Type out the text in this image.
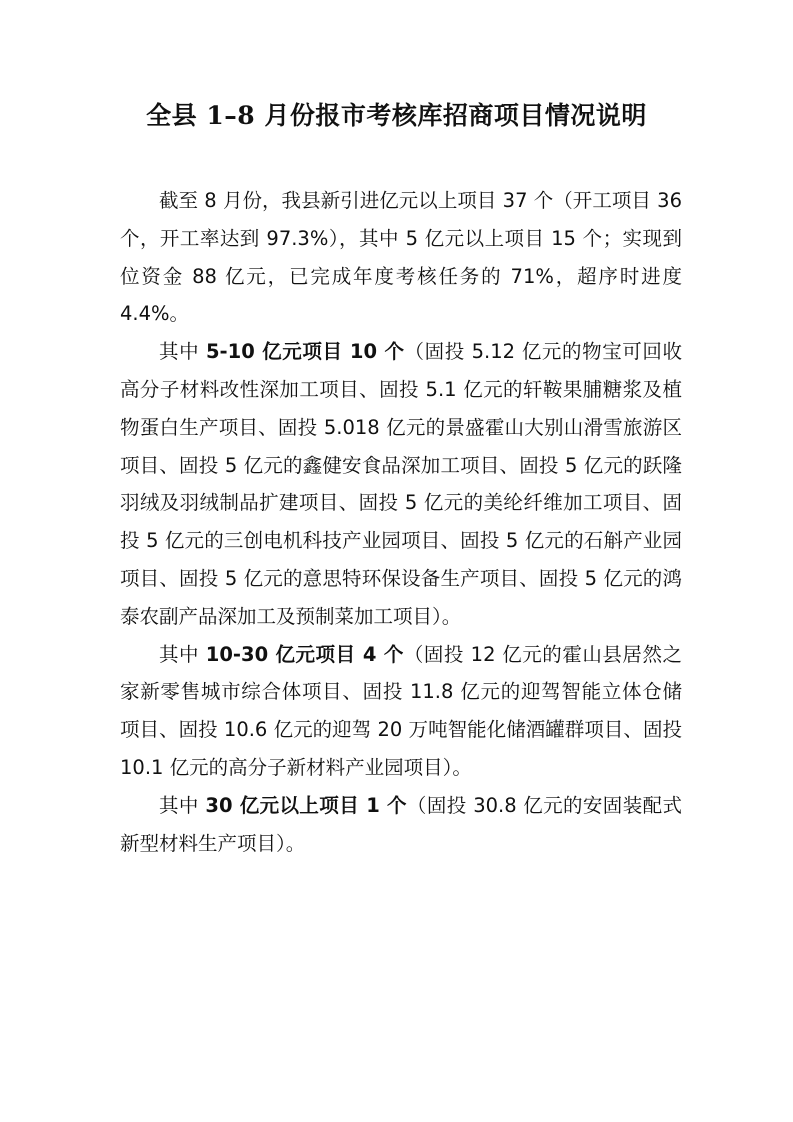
全县 1–8 月份报市考核库招商项目情况说明

截至 8 月份，我县新引进亿元以上项目 37 个（开工项目 36 个，开工率达到 97.3%），其中 5 亿元以上项目 15 个；实现到位资金 88 亿元，已完成年度考核任务的 71%，超序时进度 4.4%。

其中 5-10 亿元项目 10 个（固投 5.12 亿元的物宝可回收高分子材料改性深加工项目、固投 5.1 亿元的轩鞍果脯糖浆及植物蛋白生产项目、固投 5.018 亿元的景盛霍山大别山滑雪旅游区项目、固投 5 亿元的鑫健安食品深加工项目、固投 5 亿元的跃隆羽绒及羽绒制品扩建项目、固投 5 亿元的美纶纤维加工项目、固投 5 亿元的三创电机科技产业园项目、固投 5 亿元的石斛产业园项目、固投 5 亿元的意思特环保设备生产项目、固投 5 亿元的鸿泰农副产品深加工及预制菜加工项目）。

其中 10-30 亿元项目 4 个（固投 12 亿元的霍山县居然之家新零售城市综合体项目、固投 11.8 亿元的迎驾智能立体仓储项目、固投 10.6 亿元的迎驾 20 万吨智能化储酒罐群项目、固投 10.1 亿元的高分子新材料产业园项目）。

其中 30 亿元以上项目 1 个（固投 30.8 亿元的安固装配式新型材料生产项目）。
